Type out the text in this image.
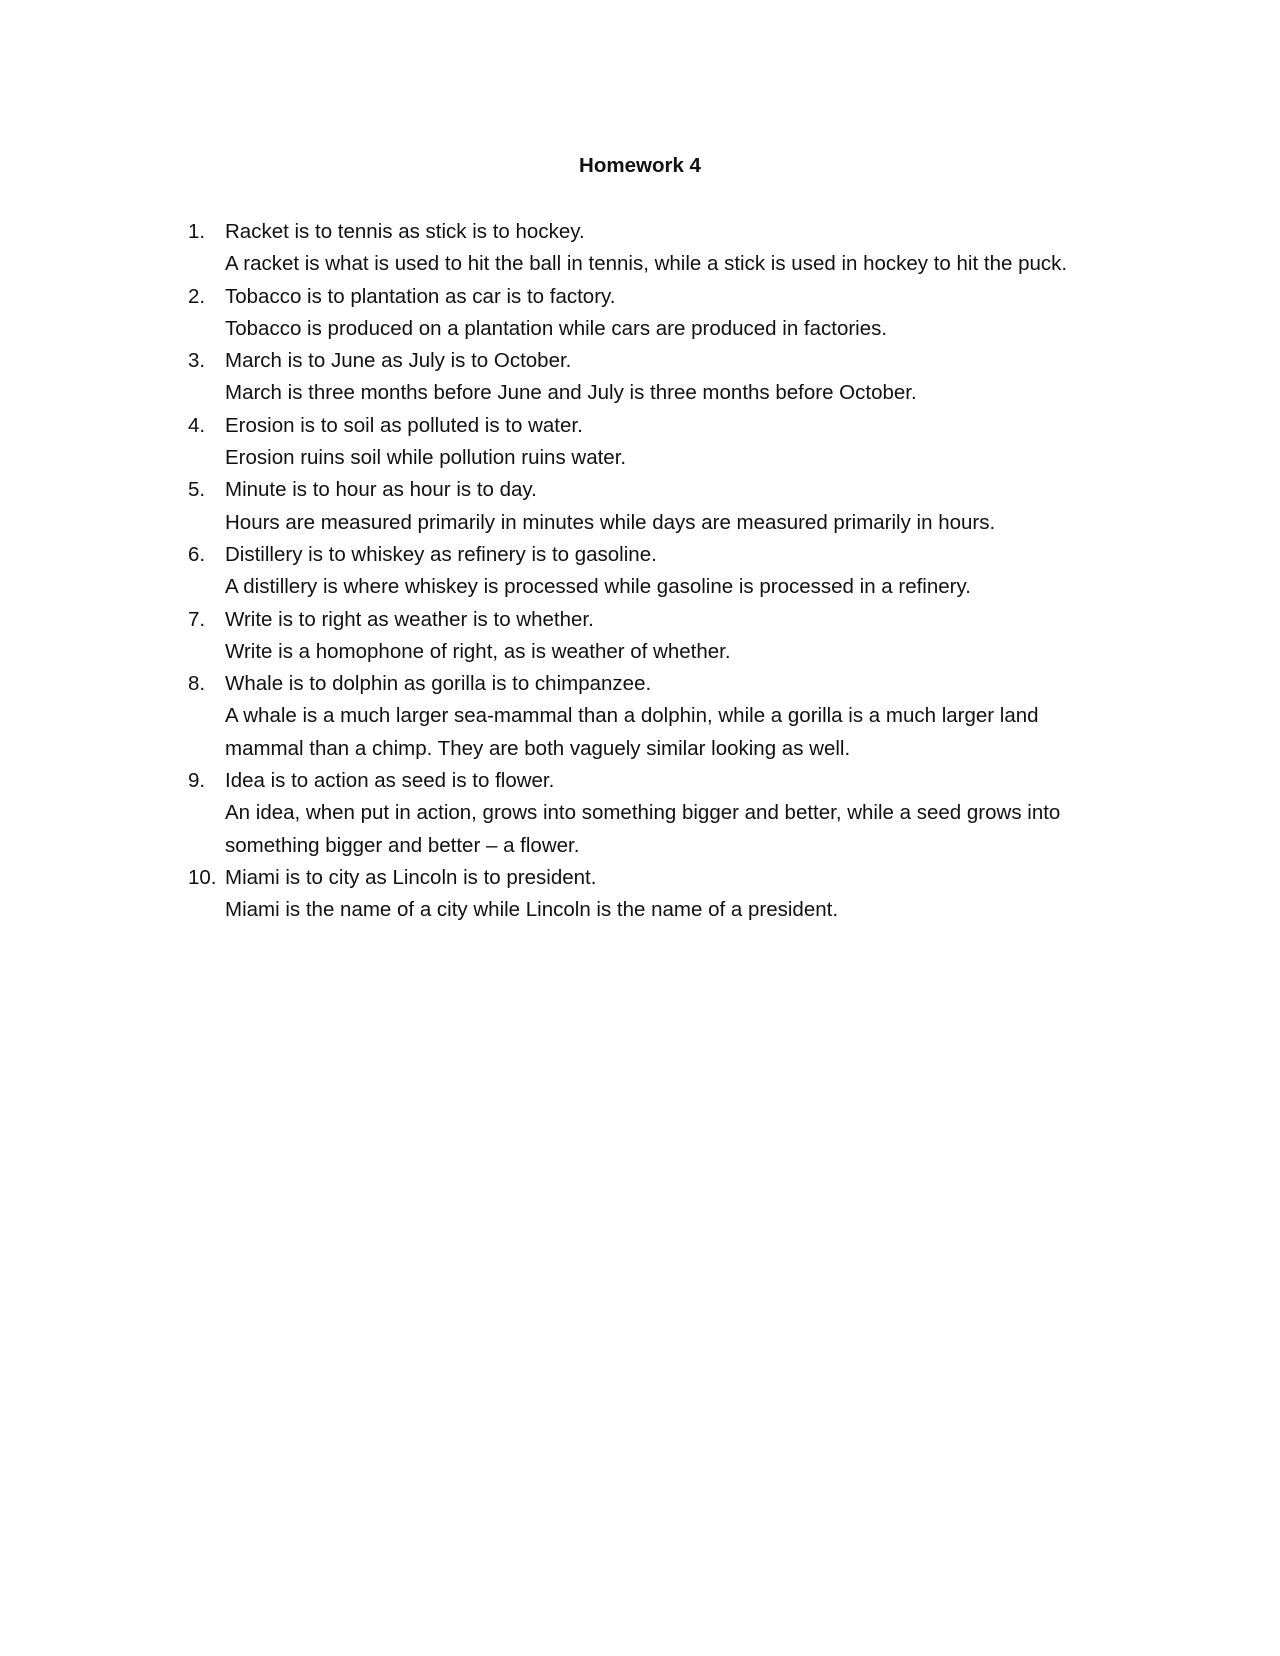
Homework 4
1. Racket is to tennis as stick is to hockey.
A racket is what is used to hit the ball in tennis, while a stick is used in hockey to hit the puck.
2. Tobacco is to plantation as car is to factory.
Tobacco is produced on a plantation while cars are produced in factories.
3. March is to June as July is to October.
March is three months before June and July is three months before October.
4. Erosion is to soil as polluted is to water.
Erosion ruins soil while pollution ruins water.
5. Minute is to hour as hour is to day.
Hours are measured primarily in minutes while days are measured primarily in hours.
6. Distillery is to whiskey as refinery is to gasoline.
A distillery is where whiskey is processed while gasoline is processed in a refinery.
7. Write is to right as weather is to whether.
Write is a homophone of right, as is weather of whether.
8. Whale is to dolphin as gorilla is to chimpanzee.
A whale is a much larger sea-mammal than a dolphin, while a gorilla is a much larger land mammal than a chimp. They are both vaguely similar looking as well.
9. Idea is to action as seed is to flower.
An idea, when put in action, grows into something bigger and better, while a seed grows into something bigger and better – a flower.
10. Miami is to city as Lincoln is to president.
Miami is the name of a city while Lincoln is the name of a president.
